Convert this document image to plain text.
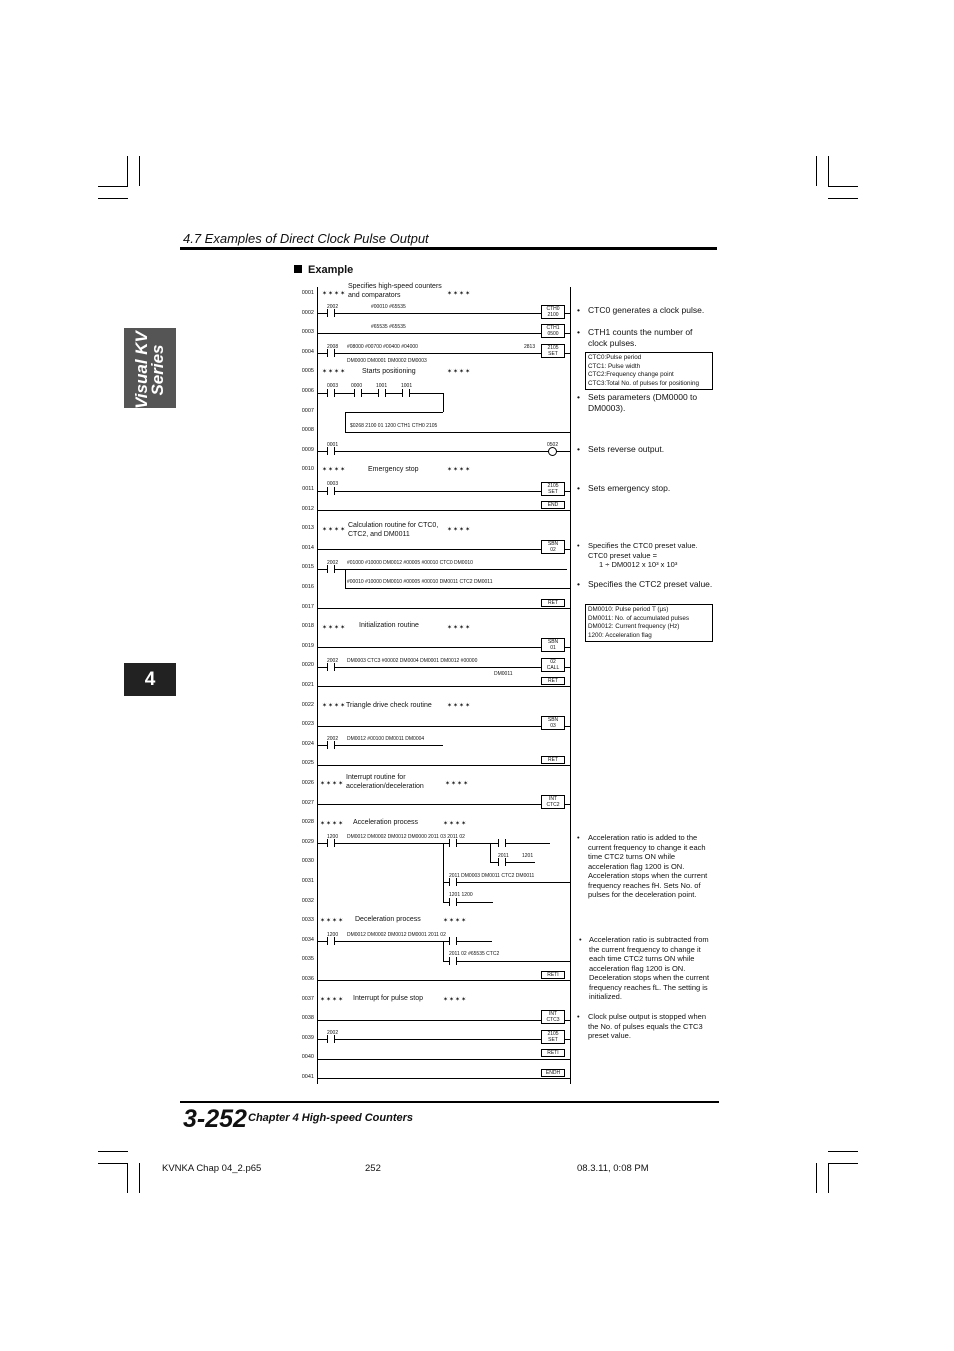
4.7 Examples of Direct Clock Pulse Output
Visual KV
Series
4
Example
0001
0002
0003
0004
0005
0006
0007
0008
0009
0010
0011
0012
0013
0014
0015
0016
0017
0018
0019
0020
0021
0022
0023
0024
0025
0026
0027
0028
0029
0030
0031
0032
0033
0034
0035
0036
0037
0038
0039
0040
0041
✶✶✶✶
Specifies high-speed counters and comparators	✶✶✶✶
✶✶✶✶ Starts positioning	✶✶✶✶
✶✶✶✶	Emergency stop	✶✶✶✶
✶✶✶✶
Calculation routine for CTC0, CTC2, and DM0011
✶✶✶✶
✶✶✶✶ Initialization routine	✶✶✶✶
✶✶✶✶ Triangle drive check routine	✶✶✶✶
✶✶✶✶
Interrupt routine for acceleration/deceleration	✶✶✶✶
✶✶✶✶ Acceleration process	✶✶✶✶
✶✶✶✶ Deceleration process	✶✶✶✶
✶✶✶✶ Interrupt for pulse stop	✶✶✶✶
2002	#00010 #65535
#65535 #65535
2008 #08000 #00700 #00400 #04000
DM0000 DM0001 DM0002 DM0003
2813
0003	0000	1001	1001
$0268 2100 01 1200 CTH1 CTH0 2105
0001
0003
2002 #01000 #10000 DM0012 #00005 #00010 CTC0 DM0010
#00010 #10000 DM0010 #00005 #00010 DM0011 CTC2 DM0011
2002 DM0003 CTC3 #00002 DM0004 DM0001 DM0012 #00000
DM0011
2002 DM0012 #00100 DM0011 DM0004
1200 DM0012 DM0002 DM0012 DM0000 2011 03 2011 02
2011	1201
2011 DM0003 DM0011 CTC2 DM0011
1201 1200
1200 DM0012 DM0002 DM0012 DM0001 2011 02
2011 02 #65535 CTC2
2002
CTH0
2100
CTH1
0500
2105
SET
0502
2105
SET
END
SBN
02
RET
SBN
01
02
CALL
RET
SBN
03
RET
INT
CTC2
RETI
INT
CTC3
2105
SET
RETI
ENDH
• CTC0 generates a clock pulse.
• CTH1 counts the number of clock pulses.
CTC0:Pulse period
CTC1: Pulse width
CTC2:Frequency change point
CTC3:Total No. of pulses for positioning
• Sets parameters (DM0000 to DM0003).
• Sets reverse output.
• Sets emergency stop.
• Specifies the CTC0 preset value.
CTC0 preset value =
1 ÷ DM0012 x 10³ x 10³
• Specifies the CTC2 preset value.
DM0010: Pulse period T (µs)
DM0011: No. of accumulated pulses
DM0012: Current frequency (Hz)
1200: Acceleration flag
• Acceleration ratio is added to the current frequency to change it each time CTC2 turns ON while acceleration flag 1200 is ON. Acceleration stops when the current frequency reaches fH. Sets No. of pulses for the deceleration point.
• Acceleration ratio is subtracted from the current frequency to change it each time CTC2 turns ON while acceleration flag 1200 is ON. Deceleration stops when the current frequency reaches fL. The setting is initialized.
• Clock pulse output is stopped when the No. of pulses equals the CTC3 preset value.
3-252 Chapter 4 High-speed Counters
KVNKA Chap 04_2.p65	252	08.3.11, 0:08 PM
